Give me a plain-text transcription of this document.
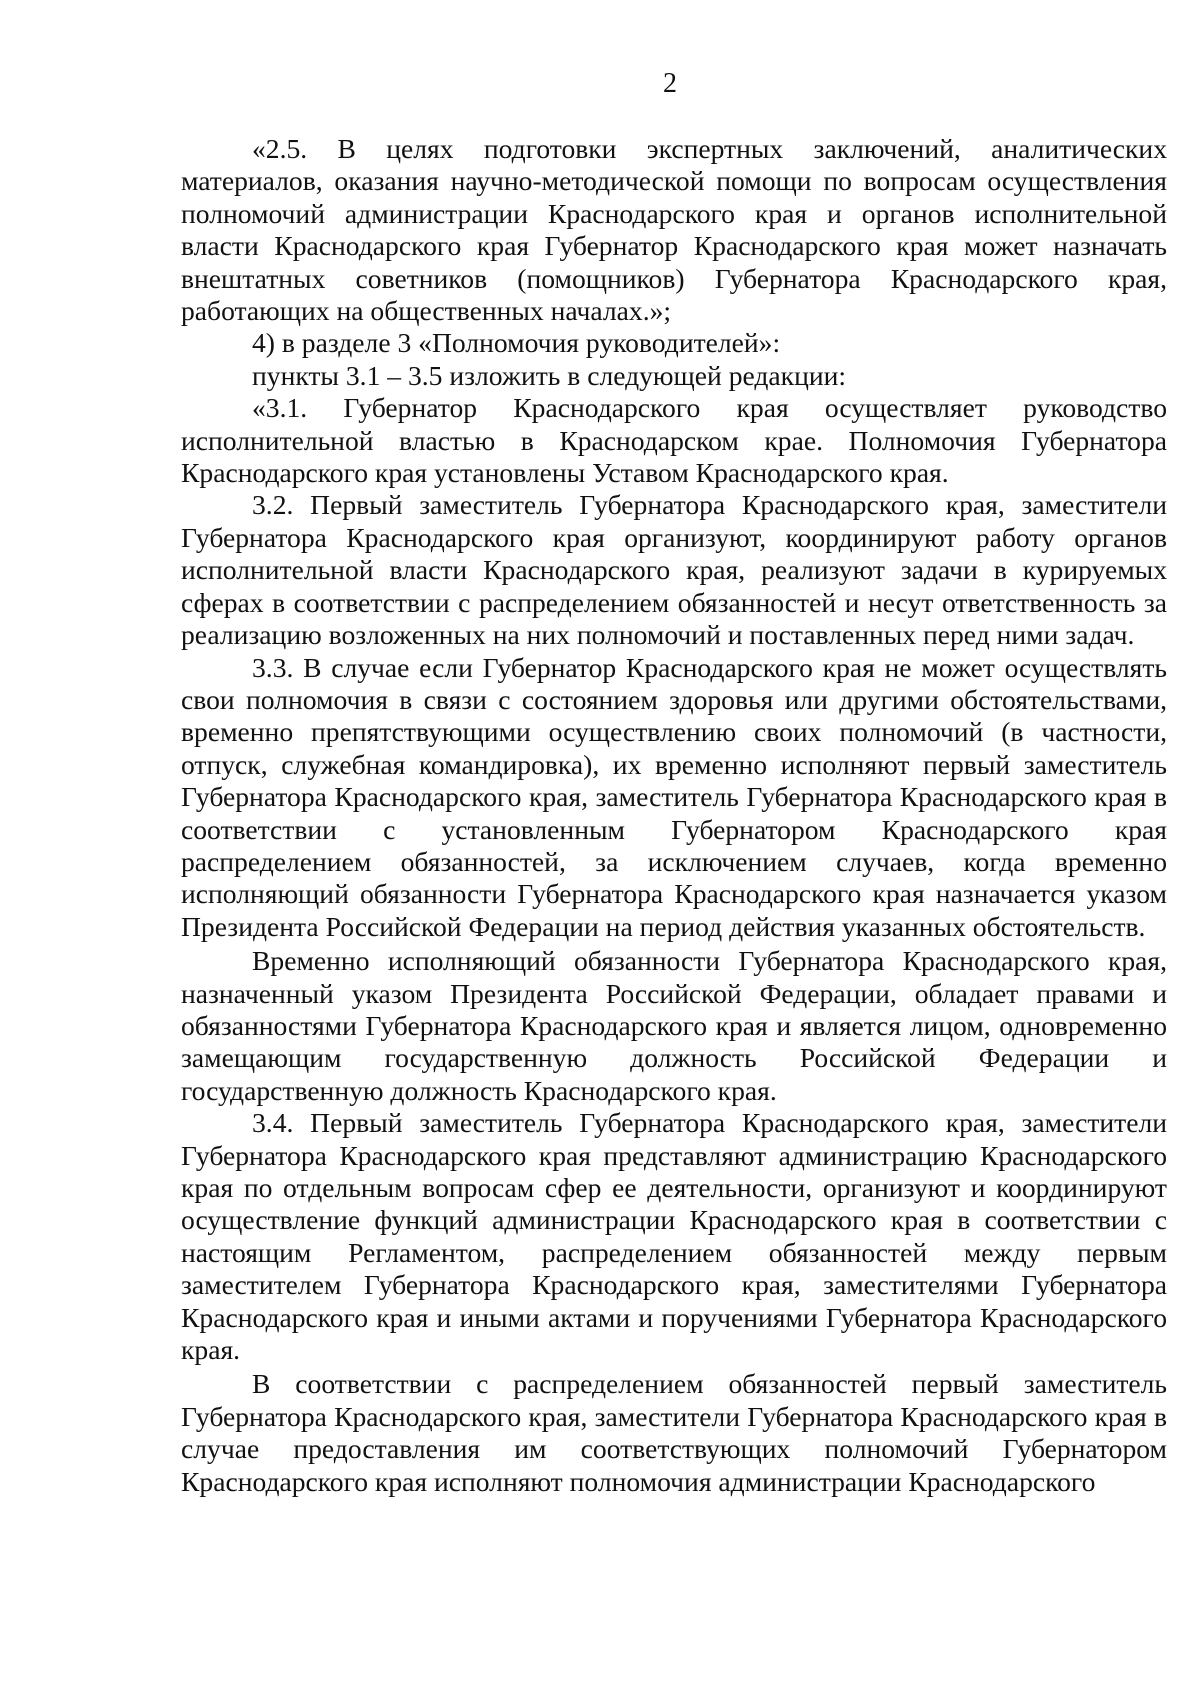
2

«2.5. В целях подготовки экспертных заключений, аналитических материалов, оказания научно-методической помощи по вопросам осуществления полномочий администрации Краснодарского края и органов исполнительной власти Краснодарского края Губернатор Краснодарского края может назначать внештатных советников (помощников) Губернатора Краснодарского края, работающих на общественных началах.»;

4) в разделе 3 «Полномочия руководителей»:

пункты 3.1 – 3.5 изложить в следующей редакции:

«3.1. Губернатор Краснодарского края осуществляет руководство исполнительной властью в Краснодарском крае. Полномочия Губернатора Краснодарского края установлены Уставом Краснодарского края.

3.2. Первый заместитель Губернатора Краснодарского края, заместители Губернатора Краснодарского края организуют, координируют работу органов исполнительной власти Краснодарского края, реализуют задачи в курируемых сферах в соответствии с распределением обязанностей и несут ответственность за реализацию возложенных на них полномочий и поставленных перед ними задач.

3.3. В случае если Губернатор Краснодарского края не может осуществлять свои полномочия в связи с состоянием здоровья или другими обстоятельствами, временно препятствующими осуществлению своих полномочий (в частности, отпуск, служебная командировка), их временно исполняют первый заместитель Губернатора Краснодарского края, заместитель Губернатора Краснодарского края в соответствии с установленным Губернатором Краснодарского края распределением обязанностей, за исключением случаев, когда временно исполняющий обязанности Губернатора Краснодарского края назначается указом Президента Российской Федерации на период действия указанных обстоятельств.

Временно исполняющий обязанности Губернатора Краснодарского края, назначенный указом Президента Российской Федерации, обладает правами и обязанностями Губернатора Краснодарского края и является лицом, одновременно замещающим государственную должность Российской Федерации и государственную должность Краснодарского края.

3.4. Первый заместитель Губернатора Краснодарского края, заместители Губернатора Краснодарского края представляют администрацию Краснодарского края по отдельным вопросам сфер ее деятельности, организуют и координируют осуществление функций администрации Краснодарского края в соответствии с настоящим Регламентом, распределением обязанностей между первым заместителем Губернатора Краснодарского края, заместителями Губернатора Краснодарского края и иными актами и поручениями Губернатора Краснодарского края.

В соответствии с распределением обязанностей первый заместитель Губернатора Краснодарского края, заместители Губернатора Краснодарского края в случае предоставления им соответствующих полномочий Губернатором Краснодарского края исполняют полномочия администрации Краснодарского
